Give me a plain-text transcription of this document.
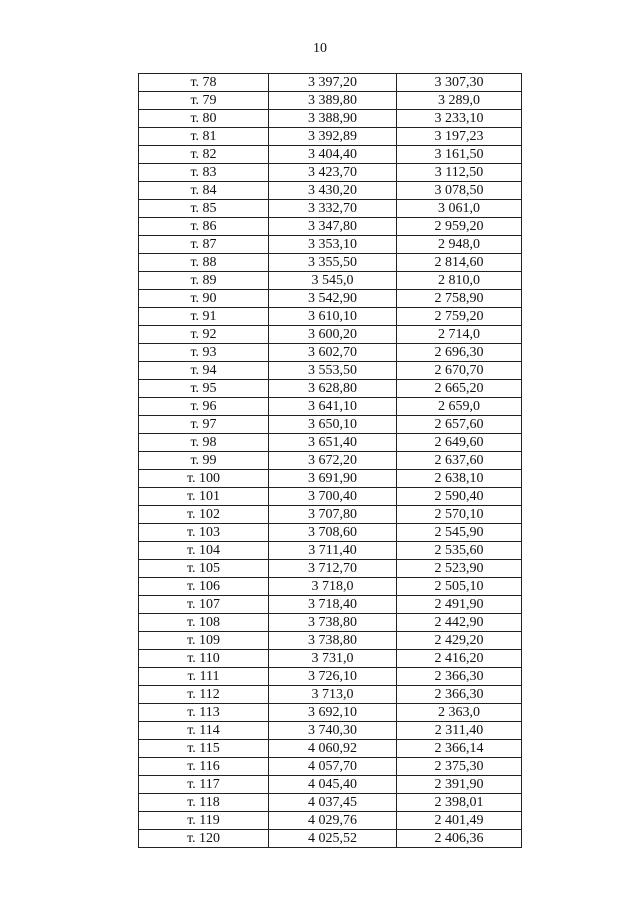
10
т. 78	3 397,20	3 307,30
т. 79	3 389,80	3 289,0
т. 80	3 388,90	3 233,10
т. 81	3 392,89	3 197,23
т. 82	3 404,40	3 161,50
т. 83	3 423,70	3 112,50
т. 84	3 430,20	3 078,50
т. 85	3 332,70	3 061,0
т. 86	3 347,80	2 959,20
т. 87	3 353,10	2 948,0
т. 88	3 355,50	2 814,60
т. 89	3 545,0	2 810,0
т. 90	3 542,90	2 758,90
т. 91	3 610,10	2 759,20
т. 92	3 600,20	2 714,0
т. 93	3 602,70	2 696,30
т. 94	3 553,50	2 670,70
т. 95	3 628,80	2 665,20
т. 96	3 641,10	2 659,0
т. 97	3 650,10	2 657,60
т. 98	3 651,40	2 649,60
т. 99	3 672,20	2 637,60
т. 100	3 691,90	2 638,10
т. 101	3 700,40	2 590,40
т. 102	3 707,80	2 570,10
т. 103	3 708,60	2 545,90
т. 104	3 711,40	2 535,60
т. 105	3 712,70	2 523,90
т. 106	3 718,0	2 505,10
т. 107	3 718,40	2 491,90
т. 108	3 738,80	2 442,90
т. 109	3 738,80	2 429,20
т. 110	3 731,0	2 416,20
т. 111	3 726,10	2 366,30
т. 112	3 713,0	2 366,30
т. 113	3 692,10	2 363,0
т. 114	3 740,30	2 311,40
т. 115	4 060,92	2 366,14
т. 116	4 057,70	2 375,30
т. 117	4 045,40	2 391,90
т. 118	4 037,45	2 398,01
т. 119	4 029,76	2 401,49
т. 120	4 025,52	2 406,36
